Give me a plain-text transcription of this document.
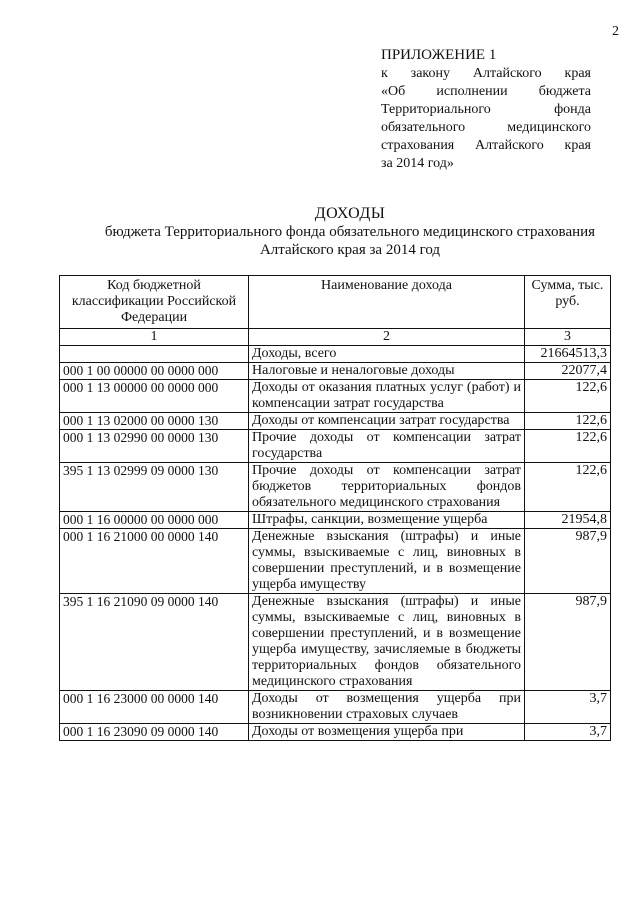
2
ПРИЛОЖЕНИЕ 1
к закону Алтайского края
«Об исполнении бюджета
Территориального фонда
обязательного медицинского
страхования Алтайского края
за 2014 год»
ДОХОДЫ
бюджета Территориального фонда обязательного медицинского страхования
Алтайского края за 2014 год
Код бюджетной классификации Российской Федерации	Наименование дохода	Сумма, тыс. руб.
1	2	3
	Доходы, всего	21664513,3
000 1 00 00000 00 0000 000	Налоговые и неналоговые доходы	22077,4
000 1 13 00000 00 0000 000	Доходы от оказания платных услуг (работ) и компенсации затрат государства	122,6
000 1 13 02000 00 0000 130	Доходы от компенсации затрат государства	122,6
000 1 13 02990 00 0000 130	Прочие доходы от компенсации затрат государства	122,6
395 1 13 02999 09 0000 130	Прочие доходы от компенсации затрат бюджетов территориальных фондов обязательного медицинского страхования	122,6
000 1 16 00000 00 0000 000	Штрафы, санкции, возмещение ущерба	21954,8
000 1 16 21000 00 0000 140	Денежные взыскания (штрафы) и иные суммы, взыскиваемые с лиц, виновных в совершении преступлений, и в возмещение ущерба имуществу	987,9
395 1 16 21090 09 0000 140	Денежные взыскания (штрафы) и иные суммы, взыскиваемые с лиц, виновных в совершении преступлений, и в возмещение ущерба имуществу, зачисляемые в бюджеты территориальных фондов обязательного медицинского страхования	987,9
000 1 16 23000 00 0000 140	Доходы от возмещения ущерба при возникновении страховых случаев	3,7
000 1 16 23090 09 0000 140	Доходы от возмещения ущерба при	3,7
